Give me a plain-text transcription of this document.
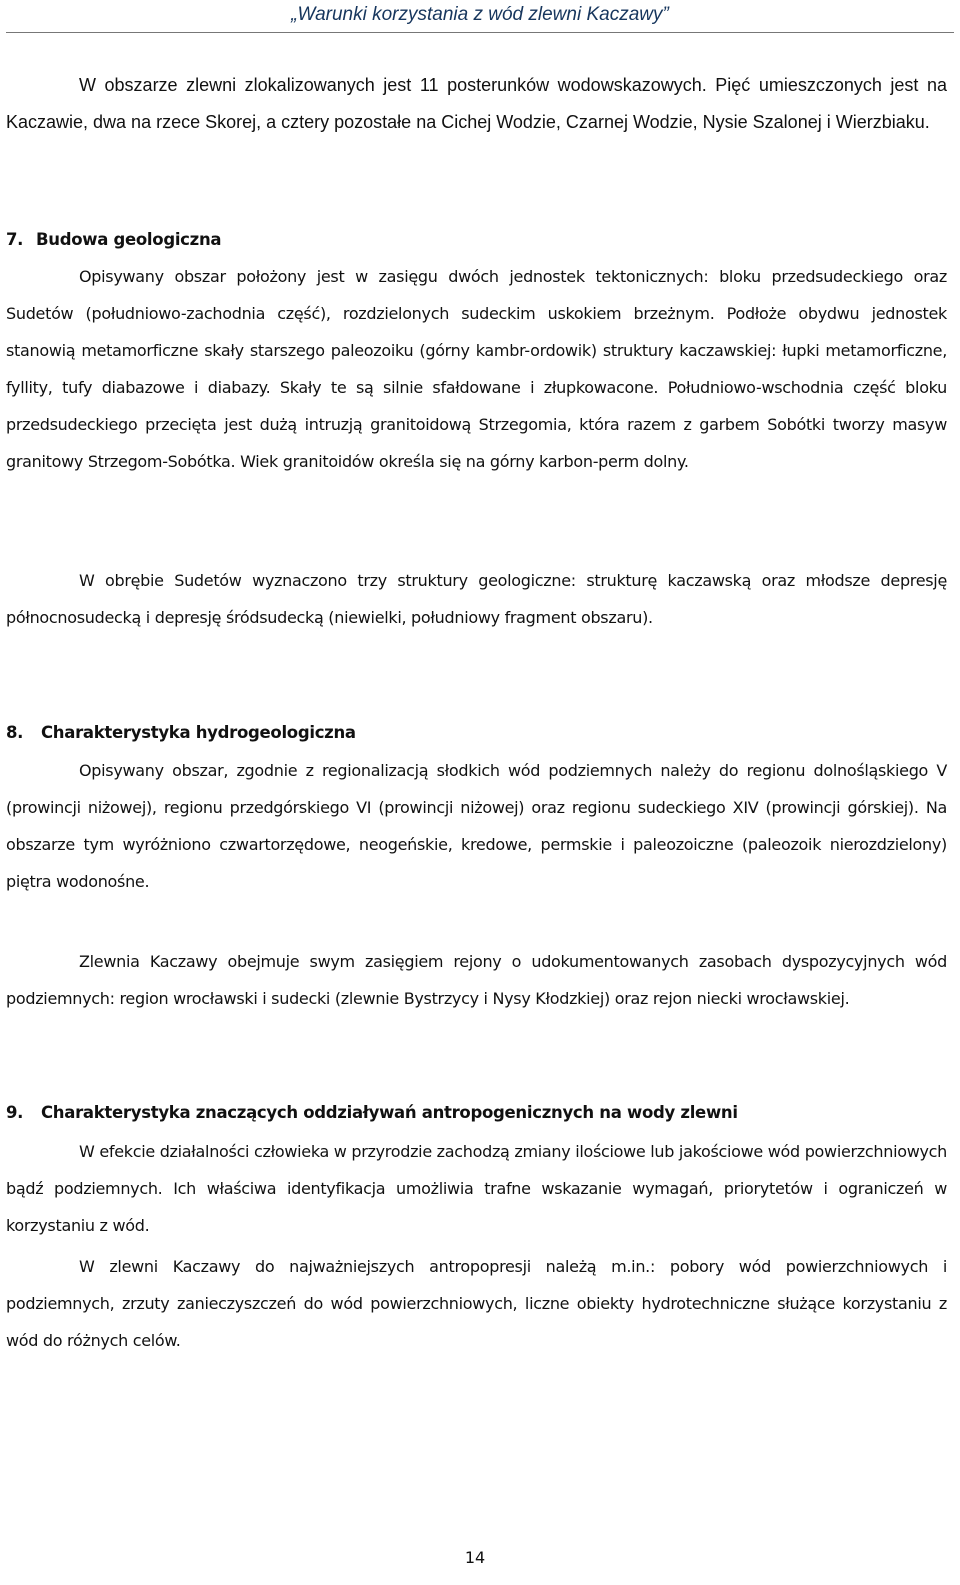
„Warunki korzystania z wód zlewni Kaczawy”

W obszarze zlewni zlokalizowanych jest 11 posterunków wodowskazowych. Pięć umieszczonych jest na Kaczawie, dwa na rzece Skorej, a cztery pozostałe na Cichej Wodzie, Czarnej Wodzie, Nysie Szalonej i Wierzbiaku.

7. Budowa geologiczna

Opisywany obszar położony jest w zasięgu dwóch jednostek tektonicznych: bloku przedsudeckiego oraz Sudetów (południowo-zachodnia część), rozdzielonych sudeckim uskokiem brzeżnym. Podłoże obydwu jednostek stanowią metamorficzne skały starszego paleozoiku (górny kambr-ordowik) struktury kaczawskiej: łupki metamorficzne, fyllity, tufy diabazowe i diabazy. Skały te są silnie sfałdowane i złupkowacone. Południowo-wschodnia część bloku przedsudeckiego przecięta jest dużą intruzją granitoidową Strzegomia, która razem z garbem Sobótki tworzy masyw granitowy Strzegom-Sobótka. Wiek granitoidów określa się na górny karbon-perm dolny.

W obrębie Sudetów wyznaczono trzy struktury geologiczne: strukturę kaczawską oraz młodsze depresję północnosudecką i depresję śródsudecką (niewielki, południowy fragment obszaru).

8. Charakterystyka hydrogeologiczna

Opisywany obszar, zgodnie z regionalizacją słodkich wód podziemnych należy do regionu dolnośląskiego V (prowincji niżowej), regionu przedgórskiego VI (prowincji niżowej) oraz regionu sudeckiego XIV (prowincji górskiej). Na obszarze tym wyróżniono czwartorzędowe, neogeńskie, kredowe, permskie i paleozoiczne (paleozoik nierozdzielony) piętra wodonośne.

Zlewnia Kaczawy obejmuje swym zasięgiem rejony o udokumentowanych zasobach dyspozycyjnych wód podziemnych: region wrocławski i sudecki (zlewnie Bystrzycy i Nysy Kłodzkiej) oraz rejon niecki wrocławskiej.

9. Charakterystyka znaczących oddziaływań antropogenicznych na wody zlewni

W efekcie działalności człowieka w przyrodzie zachodzą zmiany ilościowe lub jakościowe wód powierzchniowych bądź podziemnych. Ich właściwa identyfikacja umożliwia trafne wskazanie wymagań, priorytetów i ograniczeń w korzystaniu z wód.

W zlewni Kaczawy do najważniejszych antropopresji należą m.in.: pobory wód powierzchniowych i podziemnych, zrzuty zanieczyszczeń do wód powierzchniowych, liczne obiekty hydrotechniczne służące korzystaniu z wód do różnych celów.

14
